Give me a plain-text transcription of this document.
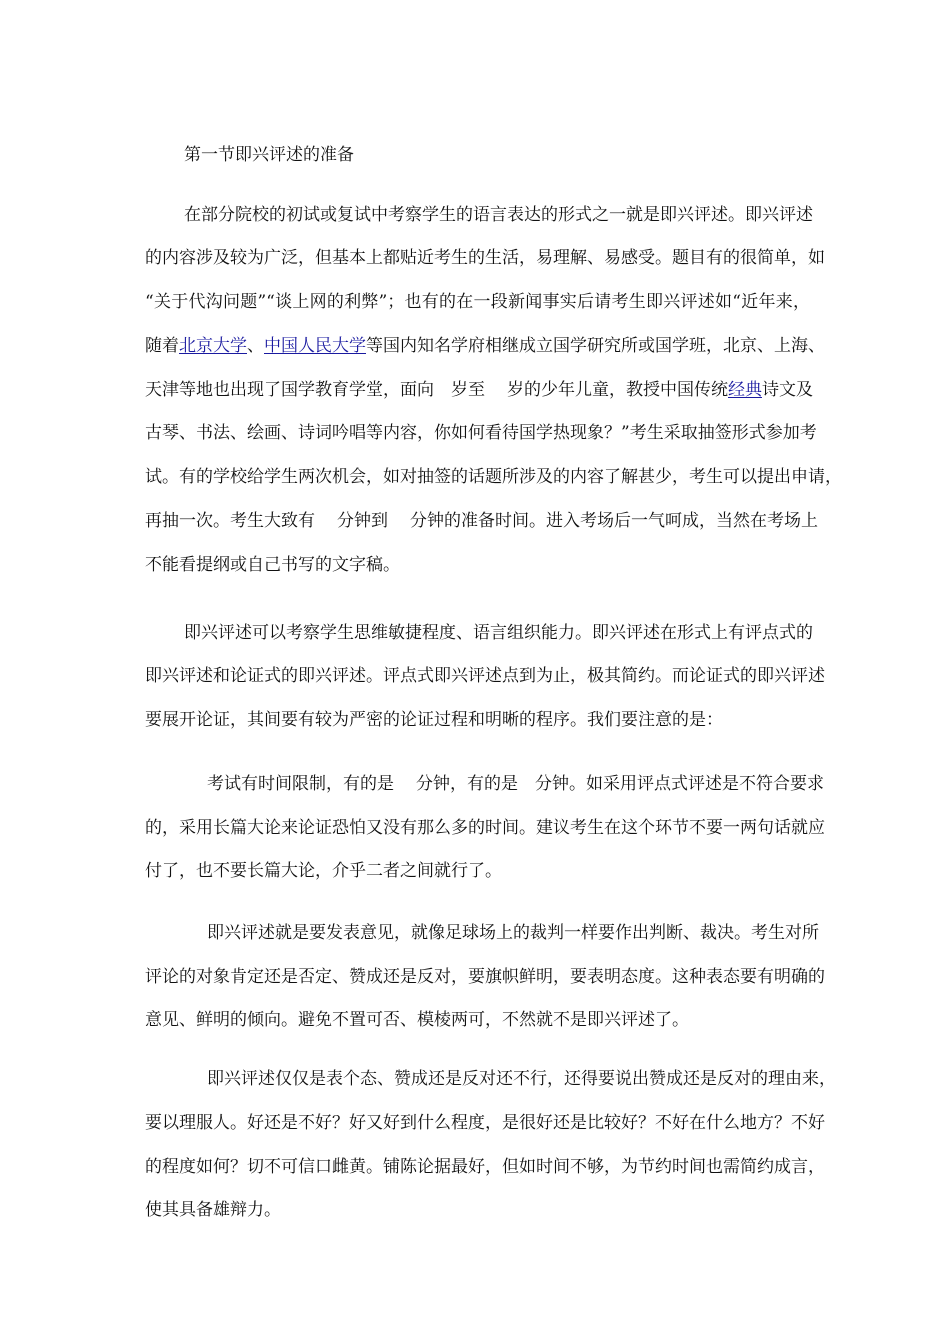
第一节即兴评述的准备
在部分院校的初试或复试中考察学生的语言表达的形式之一就是即兴评述。即兴评述
的内容涉及较为广泛，但基本上都贴近考生的生活，易理解、易感受。题目有的很简单，如
“关于代沟问题”“谈上网的利弊”；也有的在一段新闻事实后请考生即兴评述如“近年来，
随着北京大学、中国人民大学等国内知名学府相继成立国学研究所或国学班，北京、上海、
天津等地也出现了国学教育学堂，面向 岁至 岁的少年儿童，教授中国传统经典诗文及
古琴、书法、绘画、诗词吟唱等内容，你如何看待国学热现象？”考生采取抽签形式参加考
试。有的学校给学生两次机会，如对抽签的话题所涉及的内容了解甚少，考生可以提出申请，
再抽一次。考生大致有 分钟到 分钟的准备时间。进入考场后一气呵成，当然在考场上
不能看提纲或自己书写的文字稿。
即兴评述可以考察学生思维敏捷程度、语言组织能力。即兴评述在形式上有评点式的
即兴评述和论证式的即兴评述。评点式即兴评述点到为止，极其简约。而论证式的即兴评述
要展开论证，其间要有较为严密的论证过程和明晰的程序。我们要注意的是：
考试有时间限制，有的是 分钟，有的是 分钟。如采用评点式评述是不符合要求
的，采用长篇大论来论证恐怕又没有那么多的时间。建议考生在这个环节不要一两句话就应
付了，也不要长篇大论，介乎二者之间就行了。
即兴评述就是要发表意见，就像足球场上的裁判一样要作出判断、裁决。考生对所
评论的对象肯定还是否定、赞成还是反对，要旗帜鲜明，要表明态度。这种表态要有明确的
意见、鲜明的倾向。避免不置可否、模棱两可，不然就不是即兴评述了。
即兴评述仅仅是表个态、赞成还是反对还不行，还得要说出赞成还是反对的理由来，
要以理服人。好还是不好？好又好到什么程度，是很好还是比较好？不好在什么地方？不好
的程度如何？切不可信口雌黄。铺陈论据最好，但如时间不够，为节约时间也需简约成言，
使其具备雄辩力。
